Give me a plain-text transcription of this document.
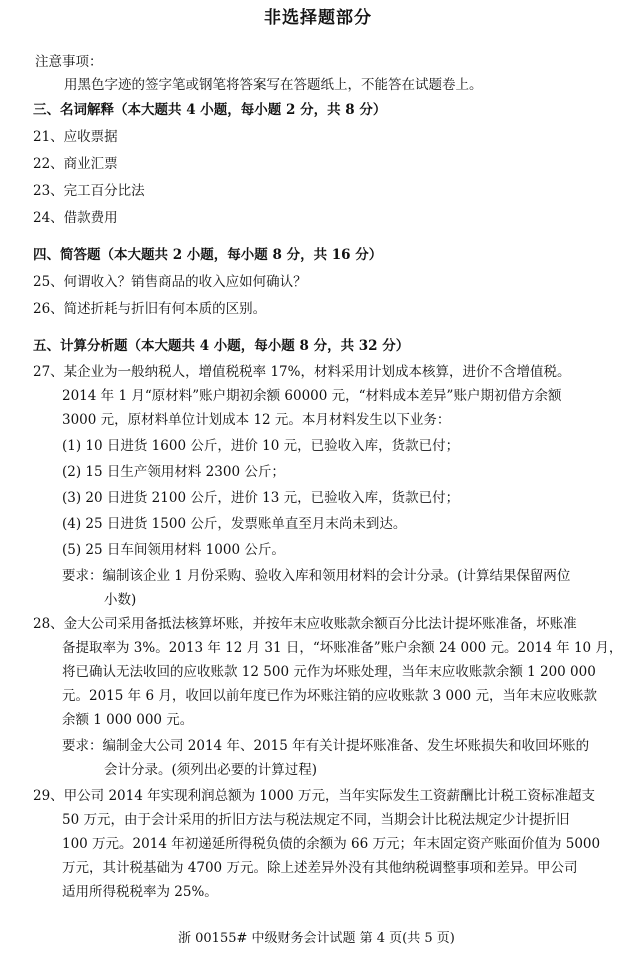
非选择题部分
注意事项：
用黑色字迹的签字笔或钢笔将答案写在答题纸上，不能答在试题卷上。
三、名词解释（本大题共 4 小题，每小题 2 分，共 8 分）
21、应收票据
22、商业汇票
23、完工百分比法
24、借款费用
四、简答题（本大题共 2 小题，每小题 8 分，共 16 分）
25、何谓收入？销售商品的收入应如何确认？
26、简述折耗与折旧有何本质的区别。
五、计算分析题（本大题共 4 小题，每小题 8 分，共 32 分）
27、某企业为一般纳税人，增值税税率 17%，材料采用计划成本核算，进价不含增值税。
2014 年 1 月“原材料”账户期初余额 60000 元，“材料成本差异”账户期初借方余额
3000 元，原材料单位计划成本 12 元。本月材料发生以下业务：
(1) 10 日进货 1600 公斤，进价 10 元，已验收入库，货款已付；
(2) 15 日生产领用材料 2300 公斤；
(3) 20 日进货 2100 公斤，进价 13 元，已验收入库，货款已付；
(4) 25 日进货 1500 公斤，发票账单直至月末尚未到达。
(5) 25 日车间领用材料 1000 公斤。
要求：编制该企业 1 月份采购、验收入库和领用材料的会计分录。(计算结果保留两位
小数)
28、金大公司采用备抵法核算坏账，并按年末应收账款余额百分比法计提坏账准备，坏账准
备提取率为 3%。2013 年 12 月 31 日，“坏账准备”账户余额 24 000 元。2014 年 10 月，
将已确认无法收回的应收账款 12 500 元作为坏账处理，当年末应收账款余额 1 200 000
元。2015 年 6 月，收回以前年度已作为坏账注销的应收账款 3 000 元，当年末应收账款
余额 1 000 000 元。
要求：编制金大公司 2014 年、2015 年有关计提坏账准备、发生坏账损失和收回坏账的
会计分录。(须列出必要的计算过程)
29、甲公司 2014 年实现利润总额为 1000 万元，当年实际发生工资薪酬比计税工资标准超支
50 万元，由于会计采用的折旧方法与税法规定不同，当期会计比税法规定少计提折旧
100 万元。2014 年初递延所得税负债的余额为 66 万元；年末固定资产账面价值为 5000
万元，其计税基础为 4700 万元。除上述差异外没有其他纳税调整事项和差异。甲公司
适用所得税税率为 25%。
浙 00155# 中级财务会计试题 第 4 页(共 5 页)
